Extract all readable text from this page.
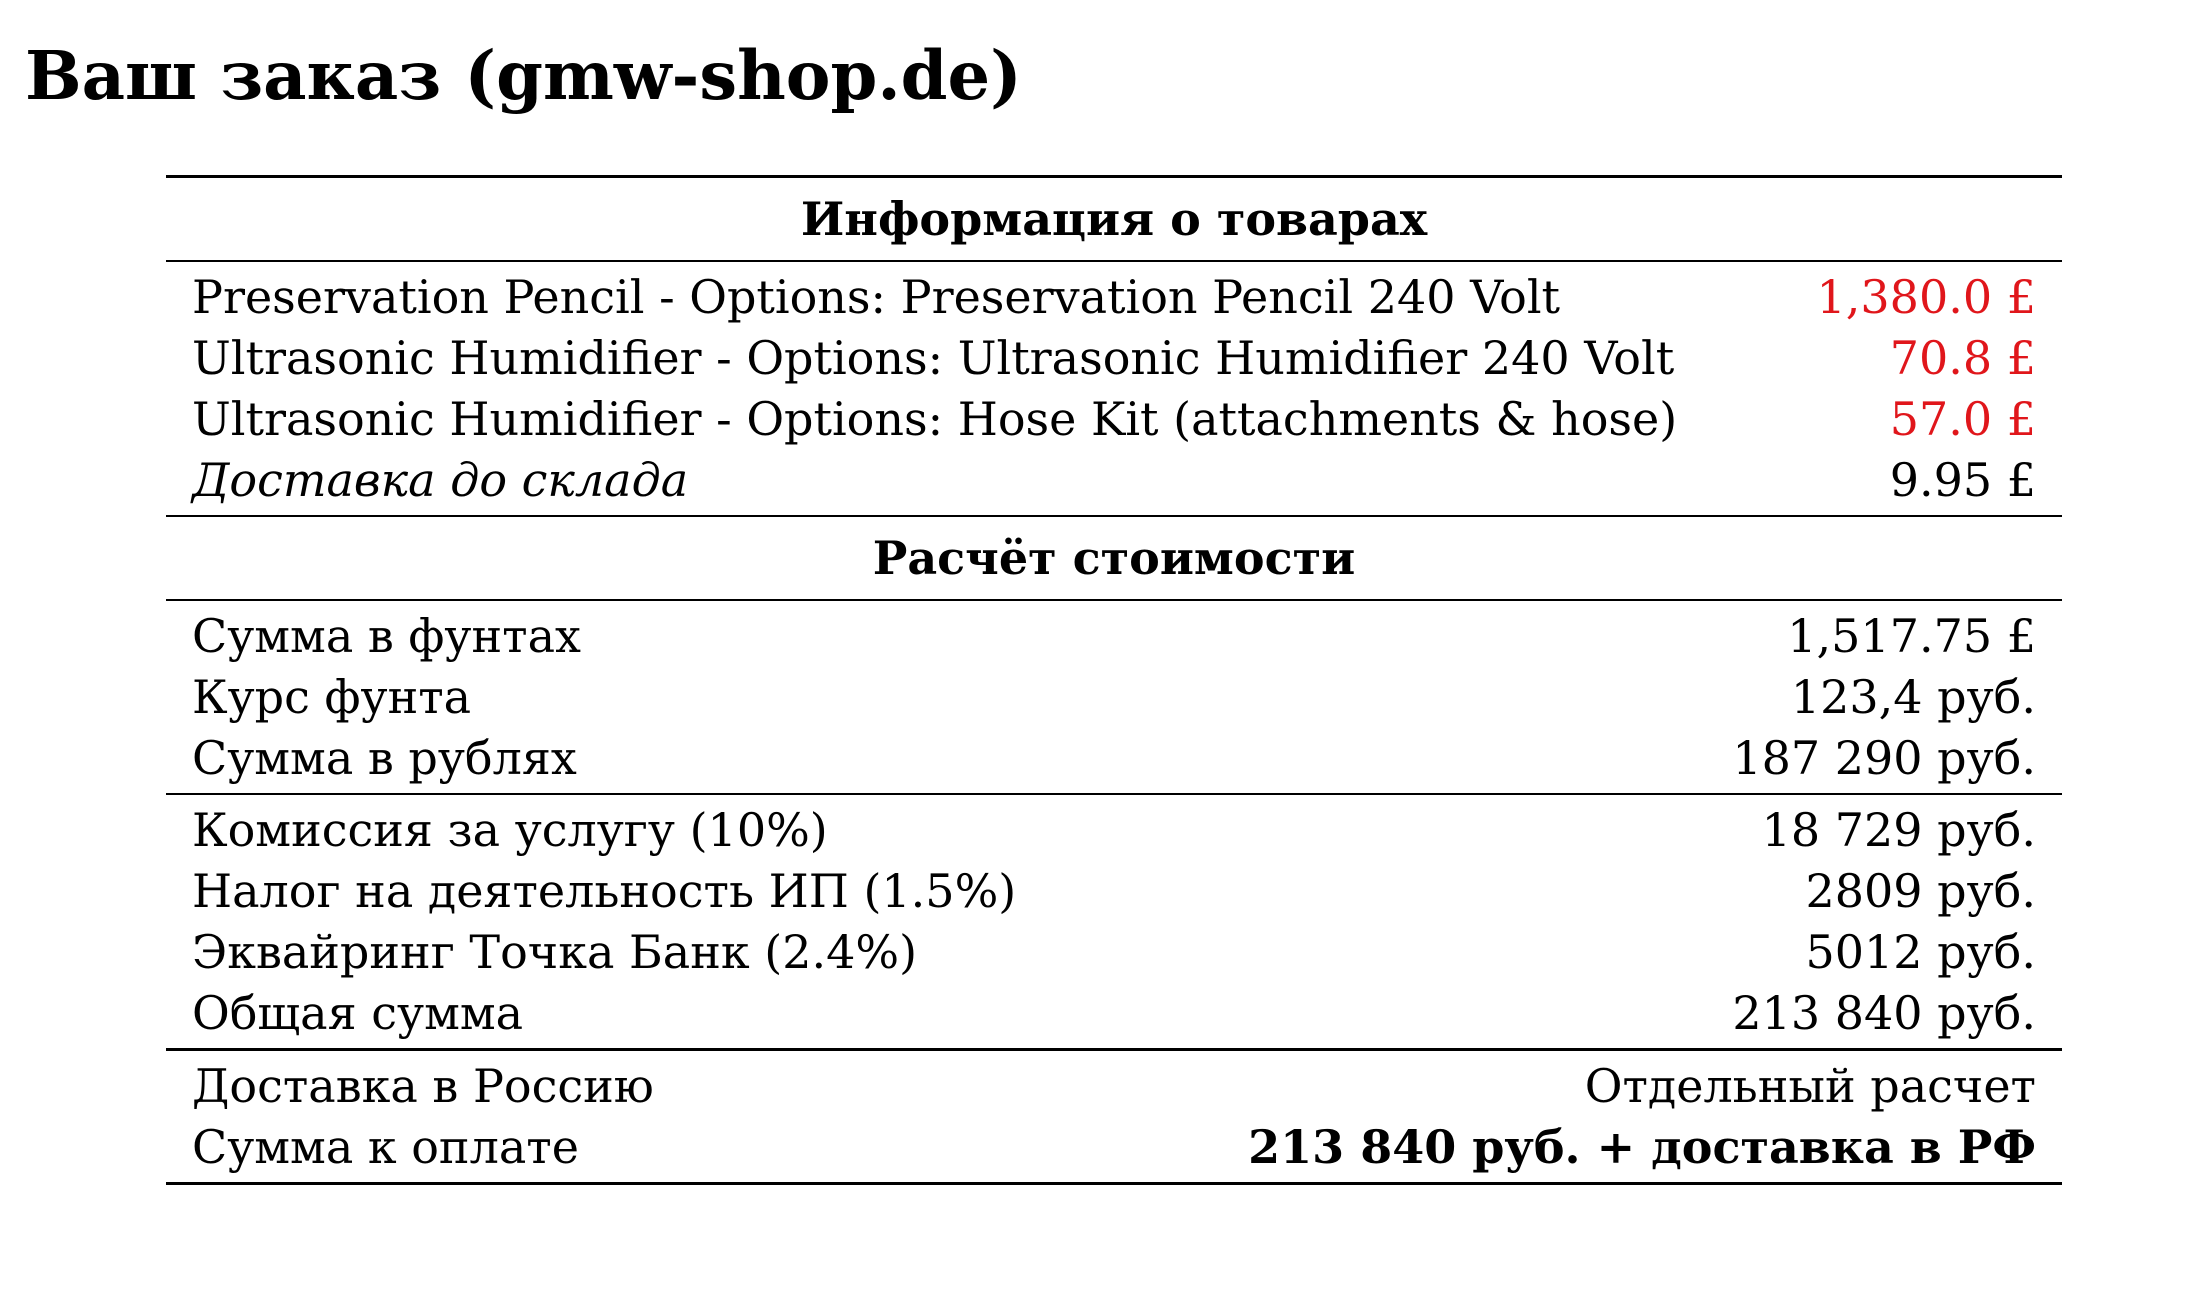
Ваш заказ (gmw-shop.de)
Информация о товарах
Preservation Pencil - Options: Preservation Pencil 240 Volt	1,380.0 £
Ultrasonic Humidifier - Options: Ultrasonic Humidifier 240 Volt	70.8 £
Ultrasonic Humidifier - Options: Hose Kit (attachments & hose)	57.0 £
Доставка до склада	9.95 £
Расчёт стоимости
Сумма в фунтах	1,517.75 £
Курс фунта	123,4 руб.
Сумма в рублях	187 290 руб.
Комиссия за услугу (10%)	18 729 руб.
Налог на деятельность ИП (1.5%)	2809 руб.
Эквайринг Точка Банк (2.4%)	5012 руб.
Общая сумма	213 840 руб.
Доставка в Россию	Отдельный расчет
Сумма к оплате	213 840 руб. + доставка в РФ
